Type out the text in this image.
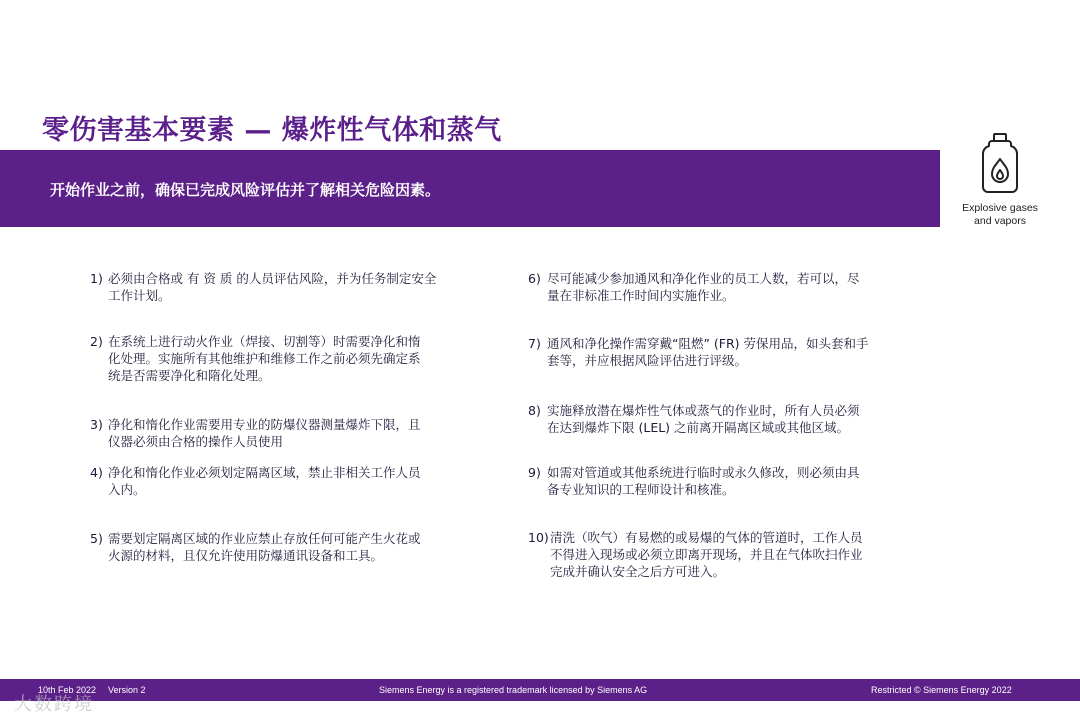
零伤害基本要素 — 爆炸性气体和蒸气
开始作业之前，确保已完成风险评估并了解相关危险因素。
Explosive gases
and vapors
1) 必须由合格或 有 资 质 的人员评估风险，并为任务制定安全
工作计划。
2) 在系统上进行动火作业（焊接、切割等）时需要净化和惰
化处理。实施所有其他维护和维修工作之前必须先确定系
统是否需要净化和隋化处理。
3) 净化和惰化作业需要用专业的防爆仪器测量爆炸下限，且
仪器必须由合格的操作人员使用
4) 净化和惰化作业必须划定隔离区域，禁止非相关工作人员
入内。
5) 需要划定隔离区域的作业应禁止存放任何可能产生火花或
火源的材料，且仅允许使用防爆通讯设备和工具。
6) 尽可能减少参加通风和净化作业的员工人数，若可以，尽
量在非标准工作时间内实施作业。
7) 通风和净化操作需穿戴“阻燃” (FR) 劳保用品，如头套和手
套等，并应根据风险评估进行评级。
8) 实施释放潜在爆炸性气体或蒸气的作业时，所有人员必须
在达到爆炸下限 (LEL) 之前离开隔离区域或其他区域。
9) 如需对管道或其他系统进行临时或永久修改，则必须由具
备专业知识的工程师设计和核准。
10) 清洗（吹气）有易燃的或易爆的气体的管道时，工作人员
不得进入现场或必须立即离开现场，并且在气体吹扫作业
完成并确认安全之后方可进入。
10th Feb 2022 Version 2	Siemens Energy is a registered trademark licensed by Siemens AG	Restricted © Siemens Energy 2022
大数跨境
